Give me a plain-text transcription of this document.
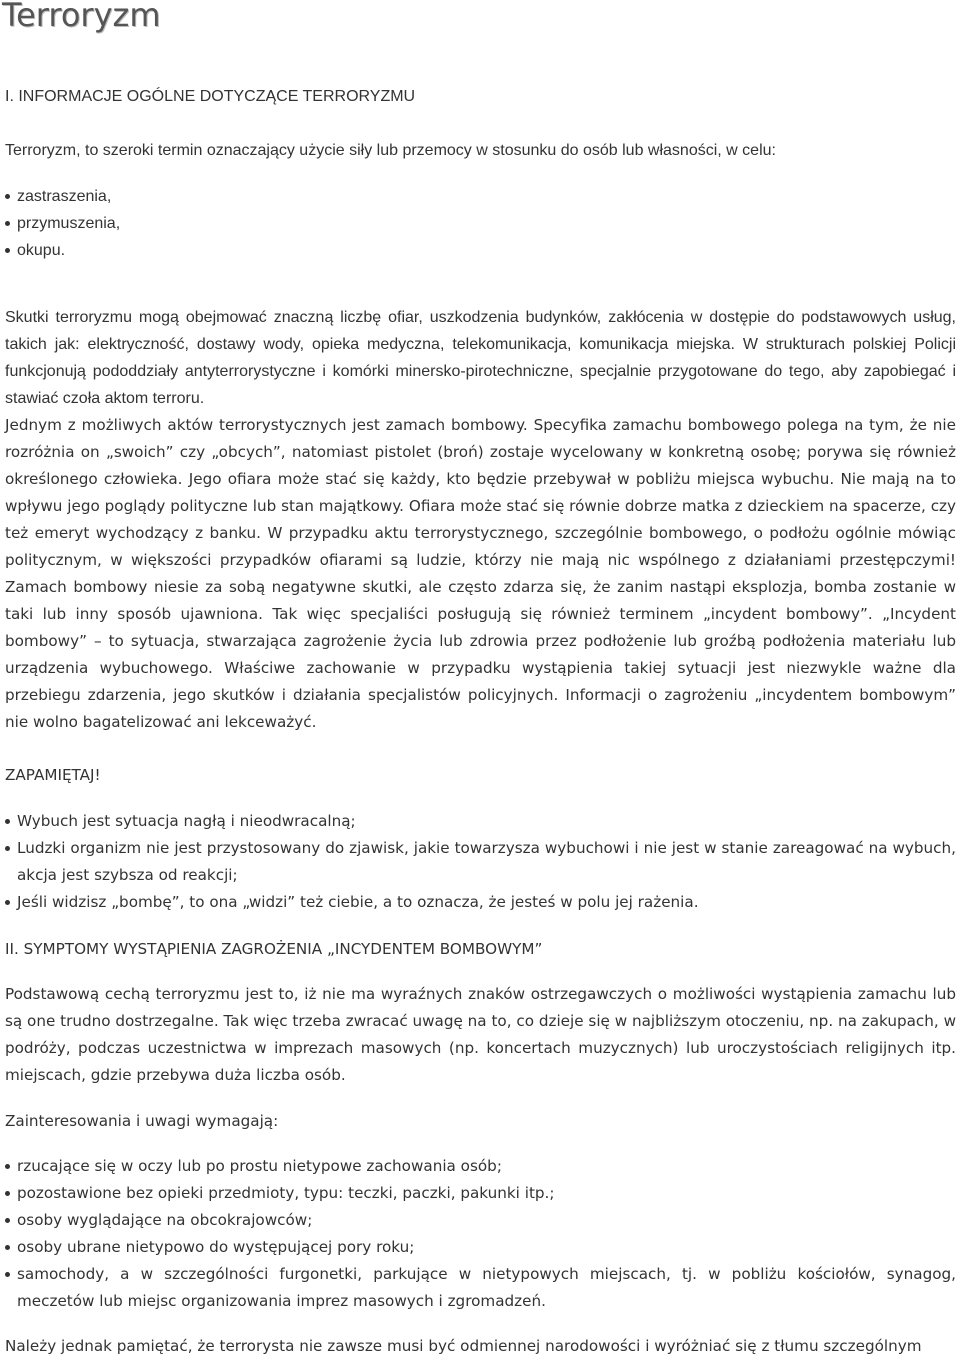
Terroryzm
I. INFORMACJE OGÓLNE DOTYCZĄCE TERRORYZMU
Terroryzm, to szeroki termin oznaczający użycie siły lub przemocy w stosunku do osób lub własności, w celu:
zastraszenia,
przymuszenia,
okupu.

Skutki terroryzmu mogą obejmować znaczną liczbę ofiar, uszkodzenia budynków, zakłócenia w dostępie do podstawowych usług, takich jak: elektryczność, dostawy wody, opieka medyczna, telekomunikacja, komunikacja miejska. W strukturach polskiej Policji funkcjonują pododdziały antyterrorystyczne i komórki minersko-pirotechniczne, specjalnie przygotowane do tego, aby zapobiegać i stawiać czoła aktom terroru.

Jednym z możliwych aktów terrorystycznych jest zamach bombowy. Specyfika zamachu bombowego polega na tym, że nie rozróżnia on „swoich” czy „obcych”, natomiast pistolet (broń) zostaje wycelowany w konkretną osobę; porywa się również określonego człowieka. Jego ofiara może stać się każdy, kto będzie przebywał w pobliżu miejsca wybuchu. Nie mają na to wpływu jego poglądy polityczne lub stan majątkowy. Ofiara może stać się równie dobrze matka z dzieckiem na spacerze, czy też emeryt wychodzący z banku. W przypadku aktu terrorystycznego, szczególnie bombowego, o podłożu ogólnie mówiąc politycznym, w większości przypadków ofiarami są ludzie, którzy nie mają nic wspólnego z działaniami przestępczymi! Zamach bombowy niesie za sobą negatywne skutki, ale często zdarza się, że zanim nastąpi eksplozja, bomba zostanie w taki lub inny sposób ujawniona. Tak więc specjaliści posługują się również terminem „incydent bombowy”. „Incydent bombowy” – to sytuacja, stwarzająca zagrożenie życia lub zdrowia przez podłożenie lub groźbą podłożenia materiału lub urządzenia wybuchowego. Właściwe zachowanie w przypadku wystąpienia takiej sytuacji jest niezwykle ważne dla przebiegu zdarzenia, jego skutków i działania specjalistów policyjnych. Informacji o zagrożeniu „incydentem bombowym” nie wolno bagatelizować ani lekceważyć.

ZAPAMIĘTAJ!
Wybuch jest sytuacja nagłą i nieodwracalną;
Ludzki organizm nie jest przystosowany do zjawisk, jakie towarzysza wybuchowi i nie jest w stanie zareagować na wybuch, akcja jest szybsza od reakcji;
Jeśli widzisz „bombę”, to ona „widzi” też ciebie, a to oznacza, że jesteś w polu jej rażenia.
II. SYMPTOMY WYSTĄPIENIA ZAGROŻENIA „INCYDENTEM BOMBOWYM”

Podstawową cechą terroryzmu jest to, iż nie ma wyraźnych znaków ostrzegawczych o możliwości wystąpienia zamachu lub są one trudno dostrzegalne. Tak więc trzeba zwracać uwagę na to, co dzieje się w najbliższym otoczeniu, np. na zakupach, w podróży, podczas uczestnictwa w imprezach masowych (np. koncertach muzycznych) lub uroczystościach religijnych itp. miejscach, gdzie przebywa duża liczba osób.

Zainteresowania i uwagi wymagają:
rzucające się w oczy lub po prostu nietypowe zachowania osób;
pozostawione bez opieki przedmioty, typu: teczki, paczki, pakunki itp.;
osoby wyglądające na obcokrajowców;
osoby ubrane nietypowo do występującej pory roku;
samochody, a w szczególności furgonetki, parkujące w nietypowych miejscach, tj. w pobliżu kościołów, synagog, meczetów lub miejsc organizowania imprez masowych i zgromadzeń.

Należy jednak pamiętać, że terrorysta nie zawsze musi być odmiennej narodowości i wyróżniać się z tłumu szczególnym
